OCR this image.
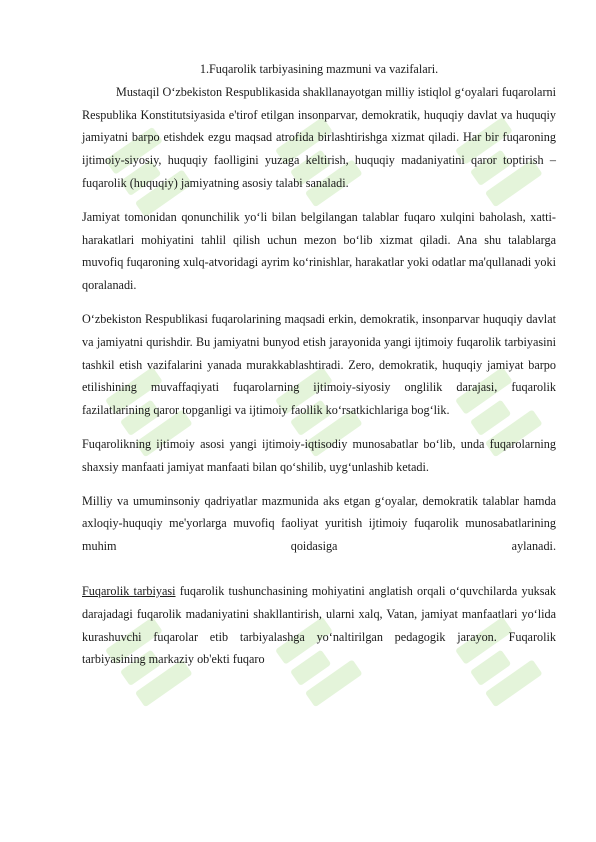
1.Fuqarolik tarbiyasining mazmuni va vazifalari.

Mustaqil O‘zbekiston Respublikasida shakllanayotgan milliy istiqlol g‘oyalari fuqarolarni Respublika Konstitutsiyasida e'tirof etilgan insonparvar, demokratik, huquqiy davlat va huquqiy jamiyatni barpo etishdek ezgu maqsad atrofida birlashtirishga xizmat qiladi. Har bir fuqaroning ijtimoiy-siyosiy, huquqiy faolligini yuzaga keltirish, huquqiy madaniyatini qaror toptirish – fuqarolik (huquqiy) jamiyatning asosiy talabi sanaladi.

Jamiyat tomonidan qonunchilik yo‘li bilan belgilangan talablar fuqaro xulqini baholash, xatti-harakatlari mohiyatini tahlil qilish uchun mezon bo‘lib xizmat qiladi. Ana shu talablarga muvofiq fuqaroning xulq-atvoridagi ayrim ko‘rinishlar, harakatlar yoki odatlar ma'qullanadi yoki qoralanadi.

O‘zbekiston Respublikasi fuqarolarining maqsadi erkin, demokratik, insonparvar huquqiy davlat va jamiyatni qurishdir. Bu jamiyatni bunyod etish jarayonida yangi ijtimoiy fuqarolik tarbiyasini tashkil etish vazifalarini yanada murakkablashtiradi. Zero, demokratik, huquqiy jamiyat barpo etilishining muvaffaqiyati fuqarolarning ijtimoiy-siyosiy onglilik darajasi, fuqarolik fazilatlarining qaror topganligi va ijtimoiy faollik ko‘rsatkichlariga bog‘lik.

Fuqarolikning ijtimoiy asosi yangi ijtimoiy-iqtisodiy munosabatlar bo‘lib, unda fuqarolarning shaxsiy manfaati jamiyat manfaati bilan qo‘shilib, uyg‘unlashib ketadi.

Milliy va umuminsoniy qadriyatlar mazmunida aks etgan g‘oyalar, demokratik talablar hamda axloqiy-huquqiy me'yorlarga muvofiq faoliyat yuritish ijtimoiy fuqarolik munosabatlarining muhim qoidasiga aylanadi.

Fuqarolik tarbiyasi fuqarolik tushunchasining mohiyatini anglatish orqali o‘quvchilarda yuksak darajadagi fuqarolik madaniyatini shakllantirish, ularni xalq, Vatan, jamiyat manfaatlari yo‘lida kurashuvchi fuqarolar etib tarbiyalashga yo‘naltirilgan pedagogik jarayon. Fuqarolik tarbiyasining markaziy ob'ekti fuqaro
